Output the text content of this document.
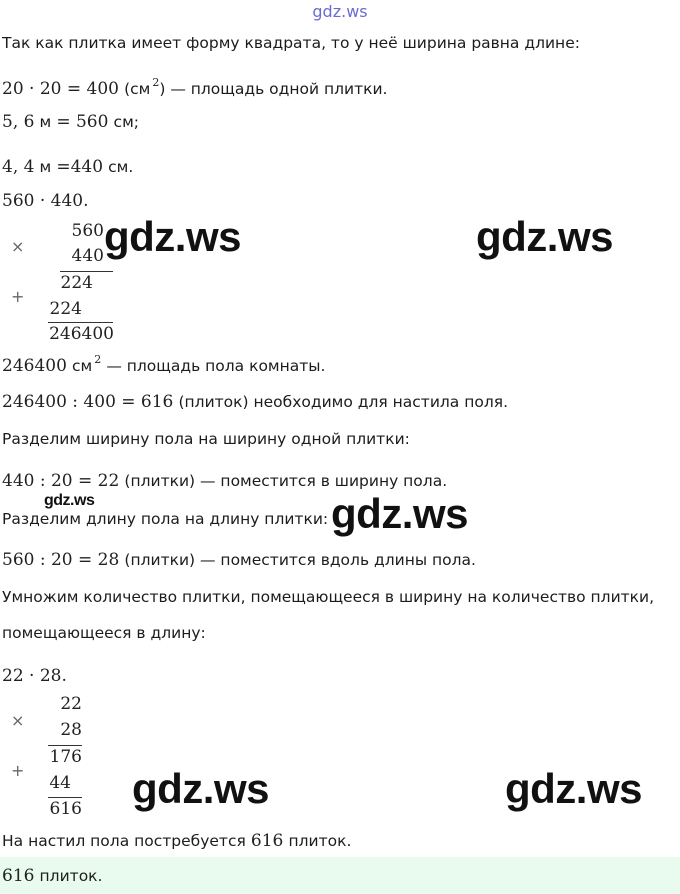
gdz.ws
Так как плитка имеет форму квадрата, то у неё ширина равна длине:
20 · 20 = 400 (см $^2$) — площадь одной плитки.
5, 6 м = 560 см;
4, 4 м =440 см.
560 · 440.
×
560
440
224
+
224
246400
246400 см $^2$ — площадь пола комнаты.
246400 : 400 = 616 (плиток) необходимо для настила поля.
Разделим ширину пола на ширину одной плитки:
440 : 20 = 22 (плитки) — поместится в ширину пола.
Разделим длину пола на длину плитки:
560 : 20 = 28 (плитки) — поместится вдоль длины пола.
Умножим количество плитки, помещающееся в ширину на количество плитки,
помещающееся в длину:
22 · 28.
×
22
28
176
+
44
616
На настил пола постребуется 616 плиток.
616 плиток.
gdz.ws	gdz.ws
gdz.ws	gdz.ws
gdz.ws	gdz.ws
